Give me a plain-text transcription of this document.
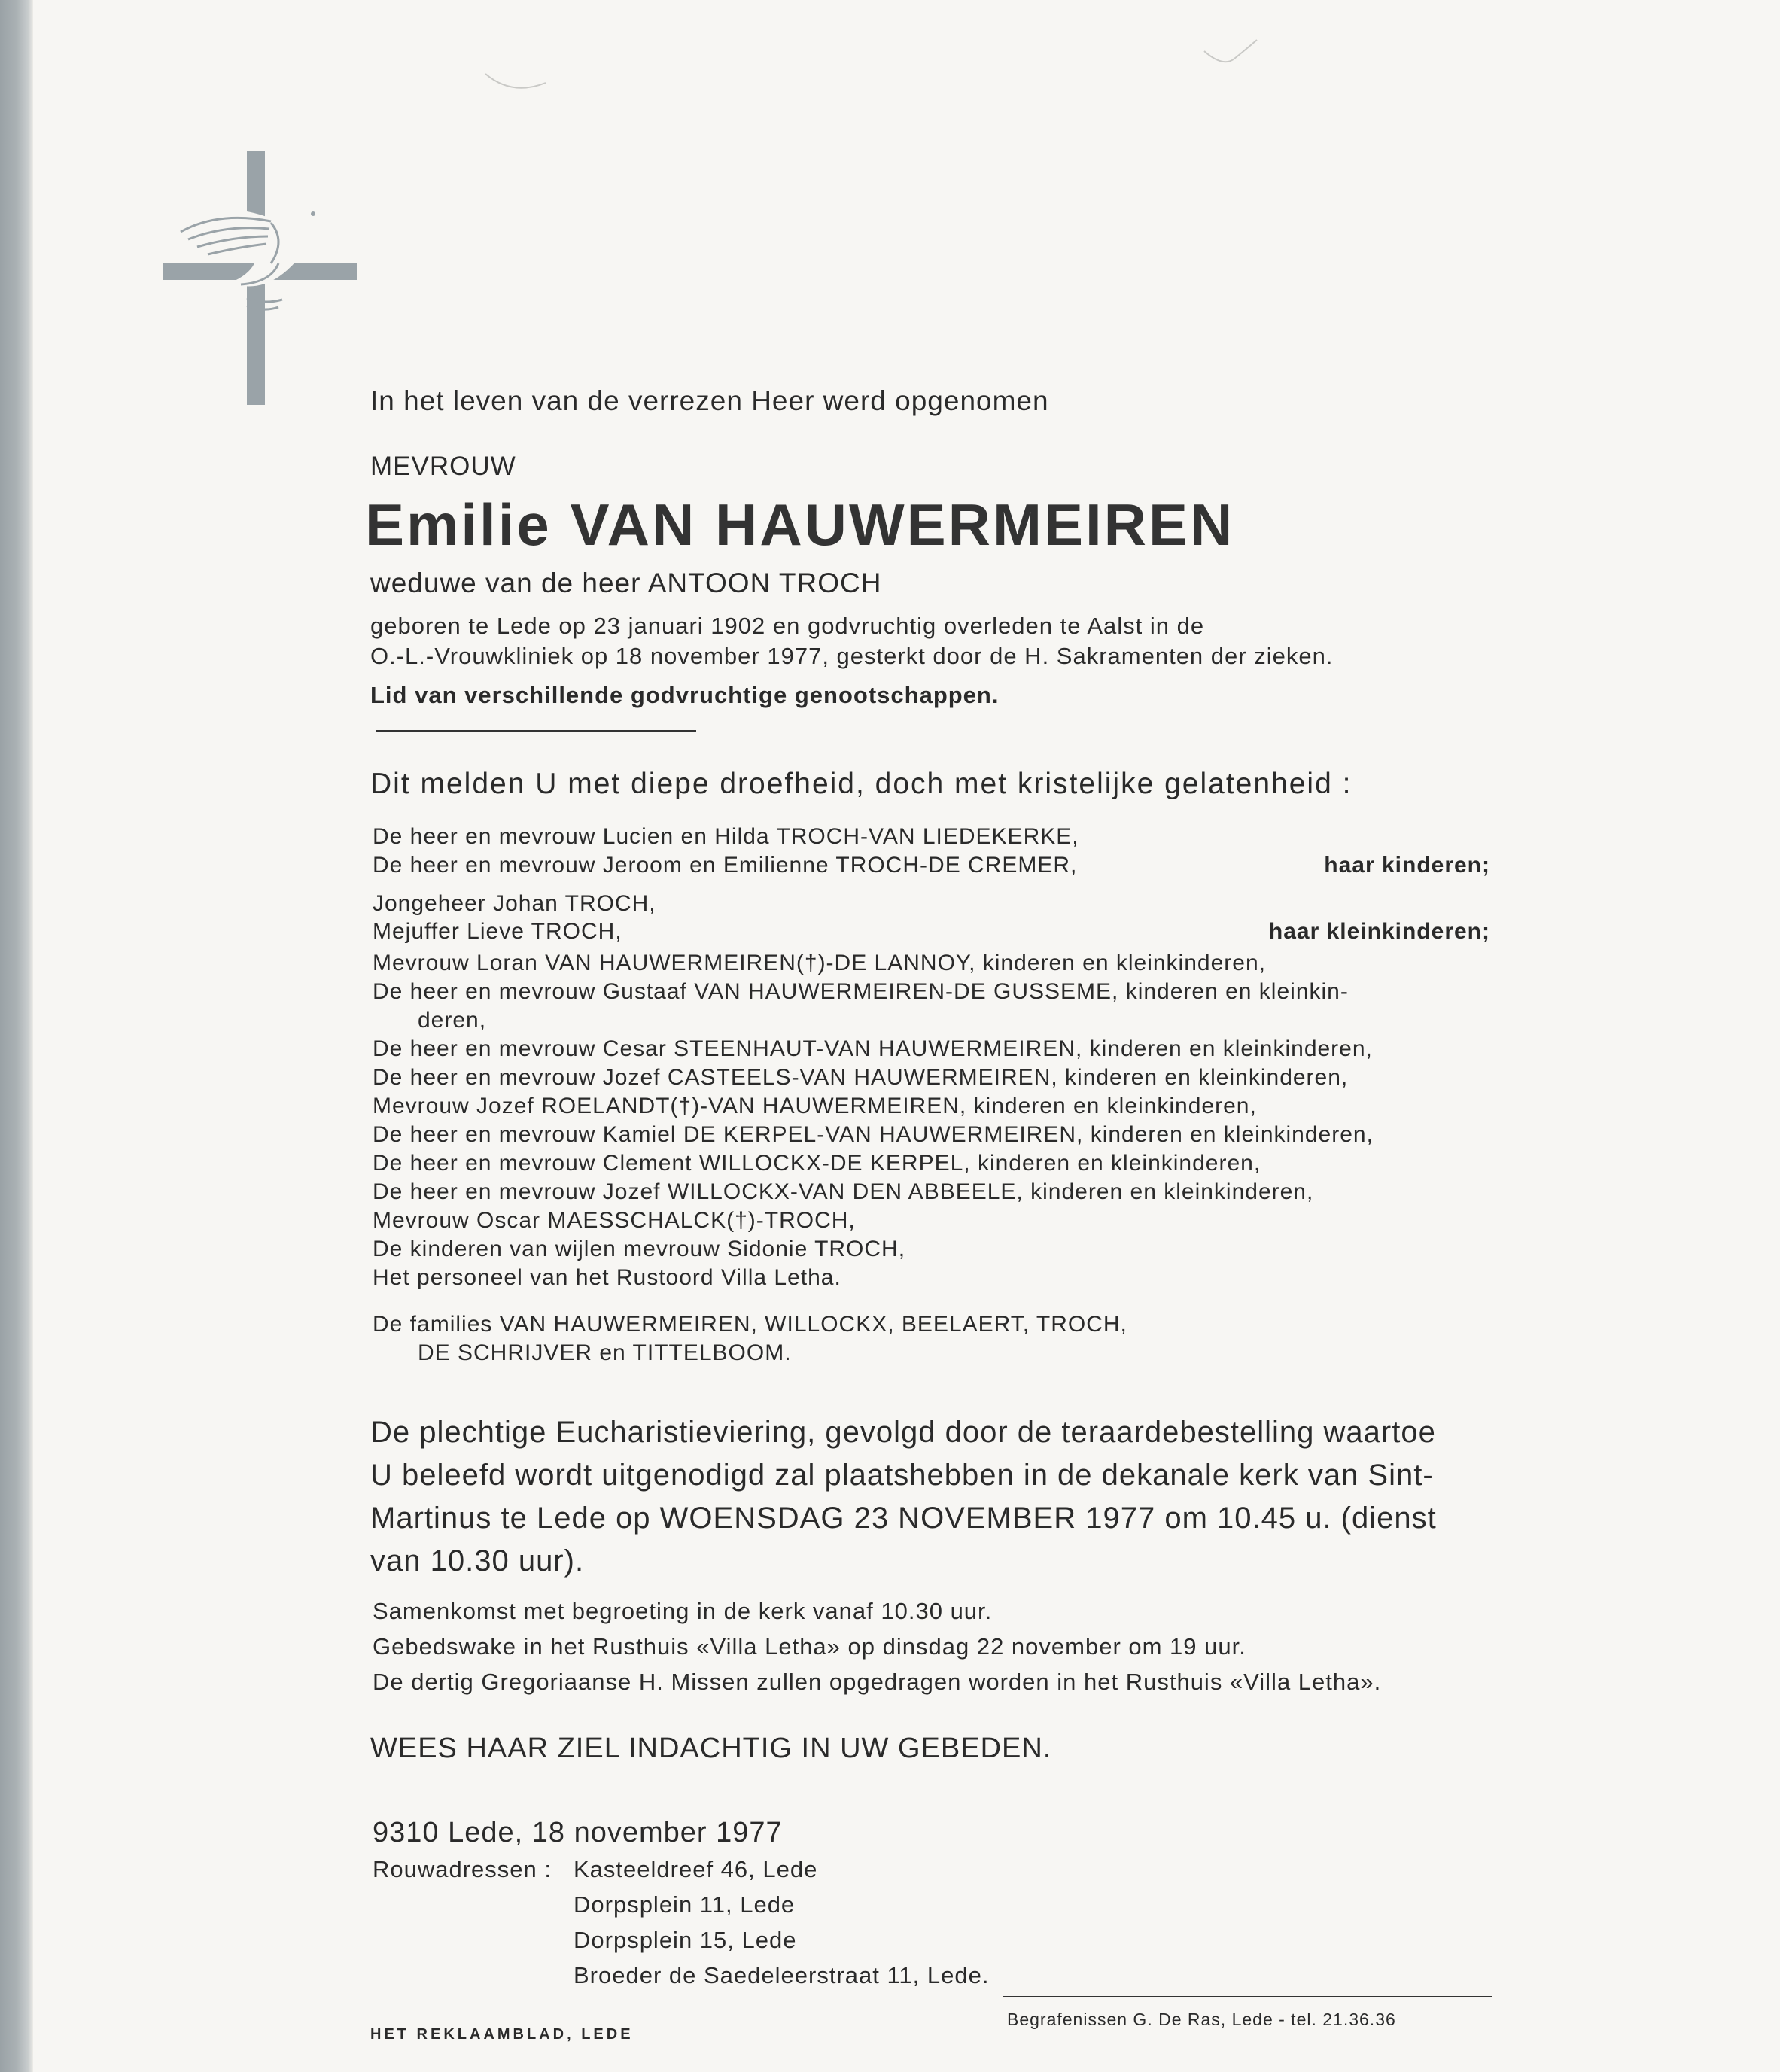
In het leven van de verrezen Heer werd opgenomen
MEVROUW
Emilie VAN HAUWERMEIREN
weduwe van de heer ANTOON TROCH
geboren te Lede op 23 januari 1902 en godvruchtig overleden te Aalst in de
O.-L.-Vrouwkliniek op 18 november 1977, gesterkt door de H. Sakramenten der zieken.
Lid van verschillende godvruchtige genootschappen.
Dit melden U met diepe droefheid, doch met kristelijke gelatenheid :
De heer en mevrouw Lucien en Hilda TROCH-VAN LIEDEKERKE,
De heer en mevrouw Jeroom en Emilienne TROCH-DE CREMER,	haar kinderen;
Jongeheer Johan TROCH,
Mejuffer Lieve TROCH,	haar kleinkinderen;
Mevrouw Loran VAN HAUWERMEIREN(†)-DE LANNOY, kinderen en kleinkinderen,
De heer en mevrouw Gustaaf VAN HAUWERMEIREN-DE GUSSEME, kinderen en kleinkin-
deren,
De heer en mevrouw Cesar STEENHAUT-VAN HAUWERMEIREN, kinderen en kleinkinderen,
De heer en mevrouw Jozef CASTEELS-VAN HAUWERMEIREN, kinderen en kleinkinderen,
Mevrouw Jozef ROELANDT(†)-VAN HAUWERMEIREN, kinderen en kleinkinderen,
De heer en mevrouw Kamiel DE KERPEL-VAN HAUWERMEIREN, kinderen en kleinkinderen,
De heer en mevrouw Clement WILLOCKX-DE KERPEL, kinderen en kleinkinderen,
De heer en mevrouw Jozef WILLOCKX-VAN DEN ABBEELE, kinderen en kleinkinderen,
Mevrouw Oscar MAESSCHALCK(†)-TROCH,
De kinderen van wijlen mevrouw Sidonie TROCH,
Het personeel van het Rustoord Villa Letha.
De families VAN HAUWERMEIREN, WILLOCKX, BEELAERT, TROCH,
DE SCHRIJVER en TITTELBOOM.
De plechtige Eucharistieviering, gevolgd door de teraardebestelling waartoe
U beleefd wordt uitgenodigd zal plaatshebben in de dekanale kerk van Sint-
Martinus te Lede op WOENSDAG 23 NOVEMBER 1977 om 10.45 u. (dienst
van 10.30 uur).
Samenkomst met begroeting in de kerk vanaf 10.30 uur.
Gebedswake in het Rusthuis «Villa Letha» op dinsdag 22 november om 19 uur.
De dertig Gregoriaanse H. Missen zullen opgedragen worden in het Rusthuis «Villa Letha».
WEES HAAR ZIEL INDACHTIG IN UW GEBEDEN.
9310 Lede, 18 november 1977
Rouwadressen : Kasteeldreef 46, Lede
Dorpsplein 11, Lede
Dorpsplein 15, Lede
Broeder de Saedeleerstraat 11, Lede.
HET REKLAAMBLAD, LEDE
Begrafenissen G. De Ras, Lede - tel. 21.36.36
